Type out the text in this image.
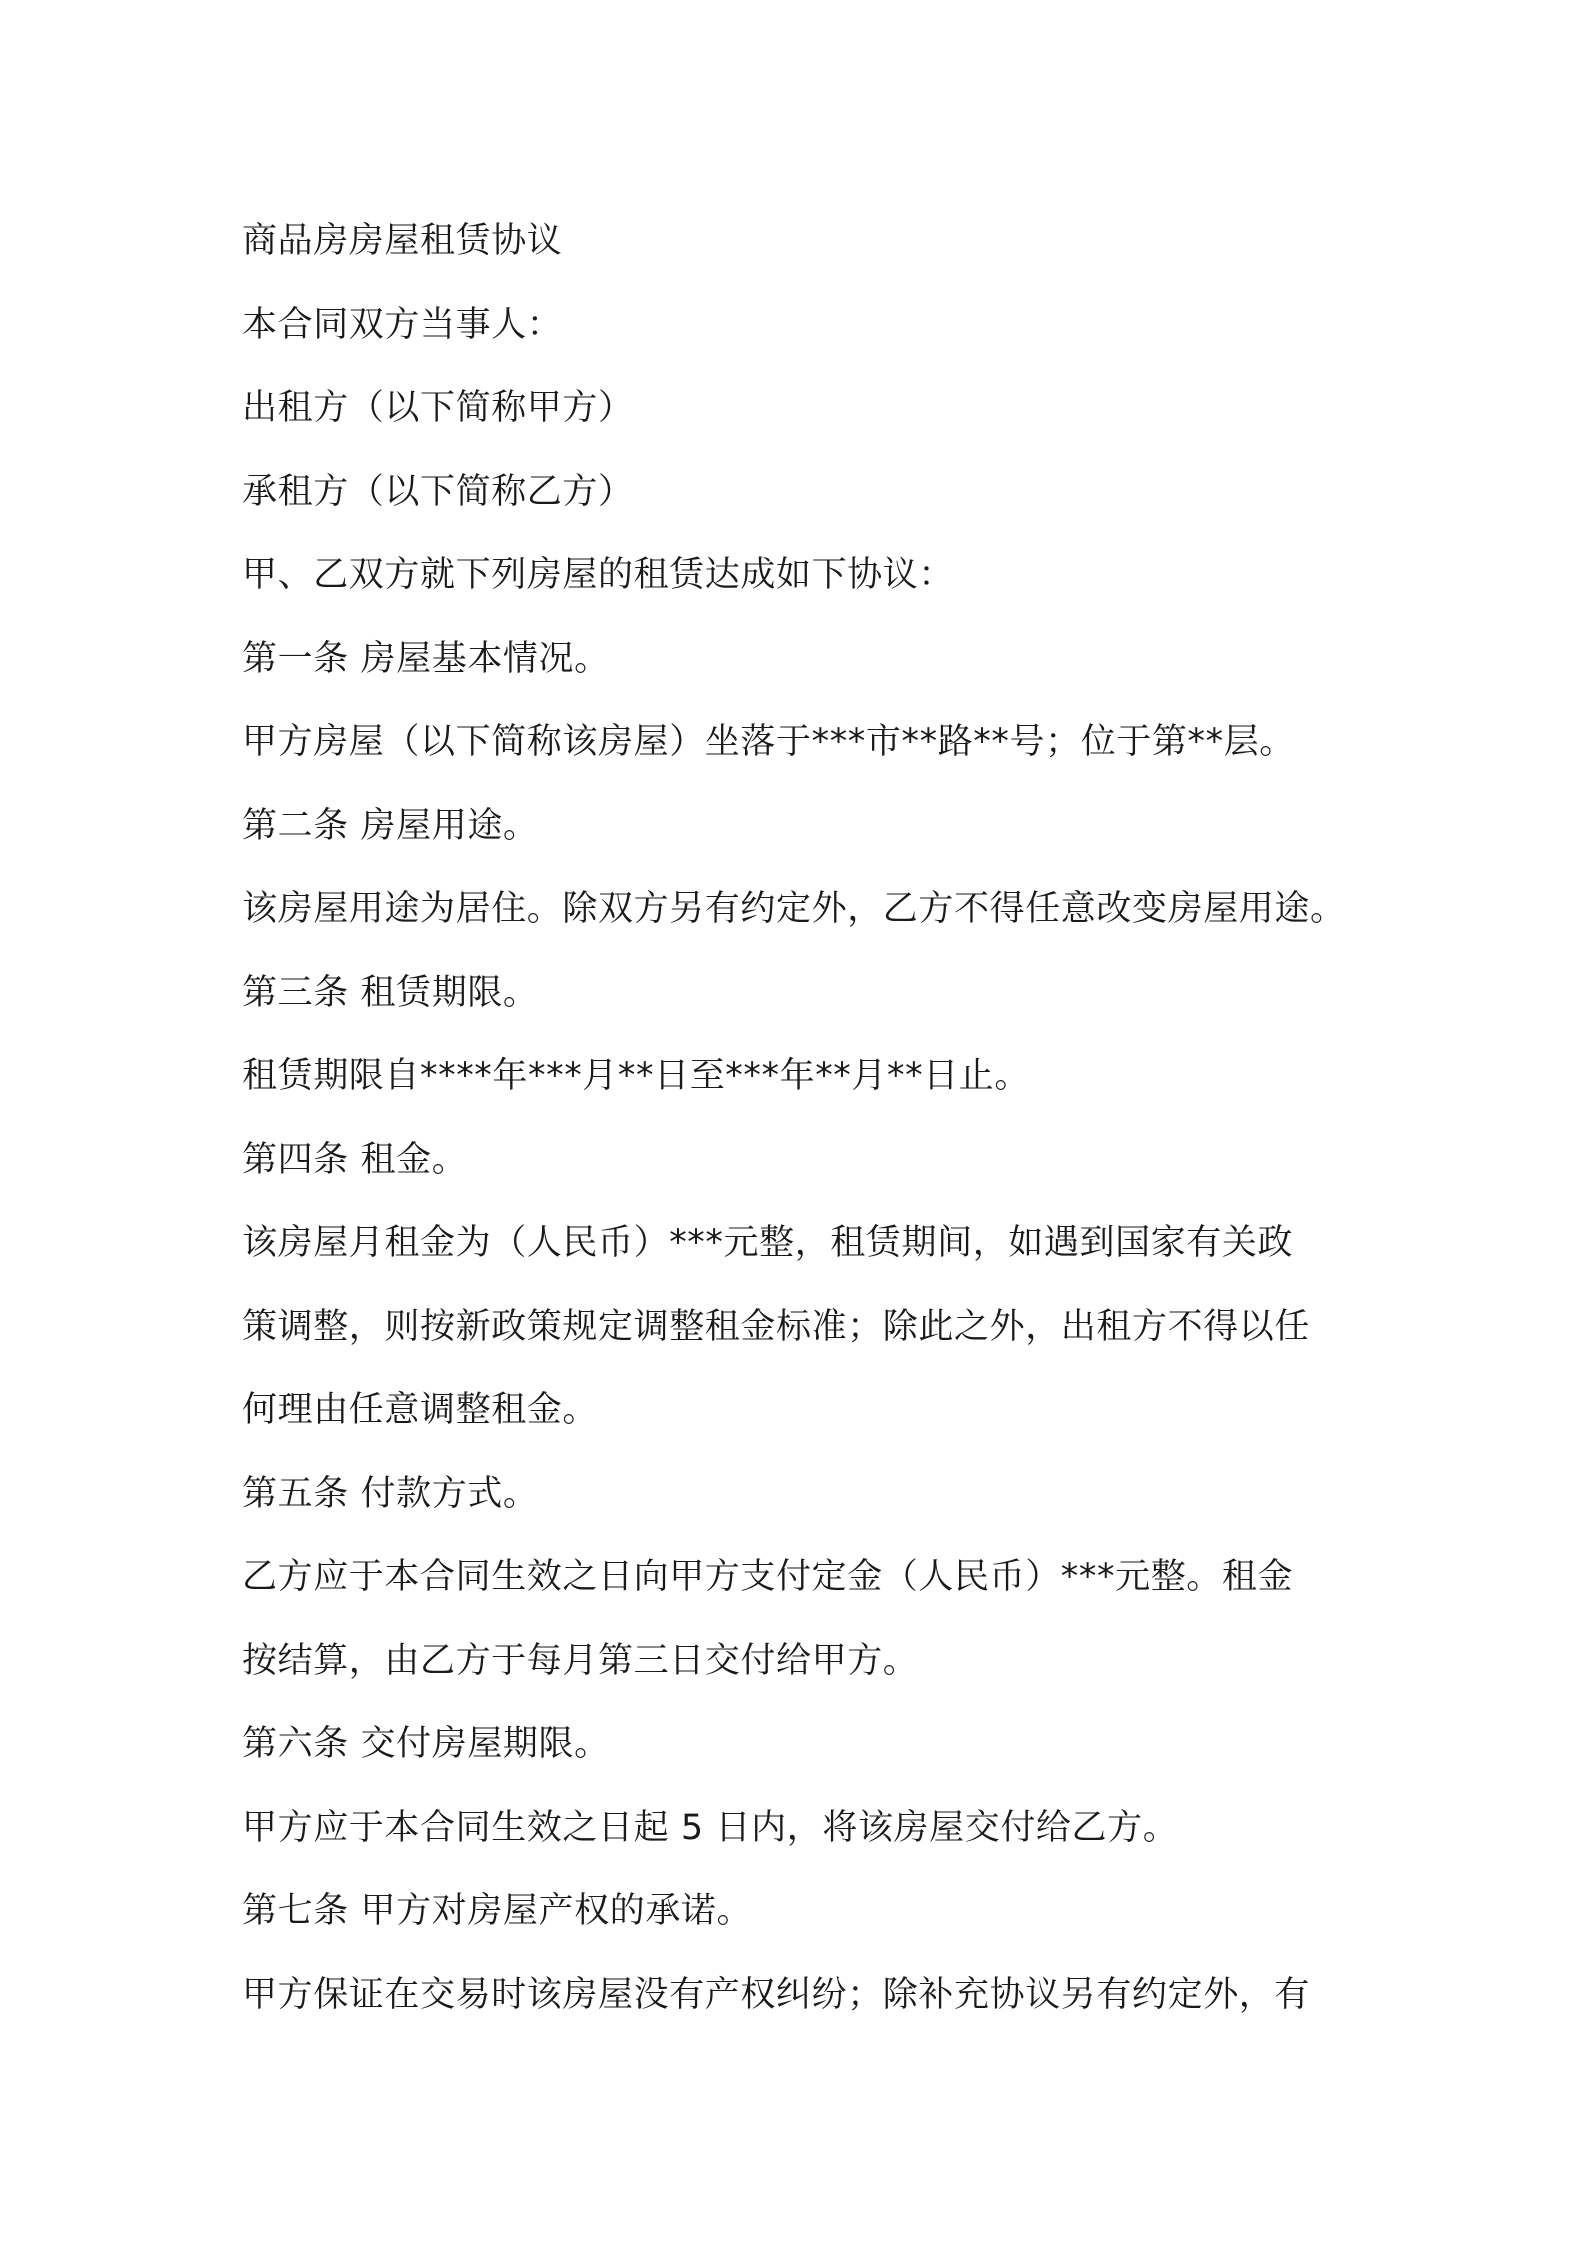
商品房房屋租赁协议
本合同双方当事人：
出租方（以下简称甲方）
承租方（以下简称乙方）
甲、乙双方就下列房屋的租赁达成如下协议：
第一条 房屋基本情况。
甲方房屋（以下简称该房屋）坐落于***市**路**号；位于第**层。
第二条 房屋用途。
该房屋用途为居住。除双方另有约定外，乙方不得任意改变房屋用途。
第三条 租赁期限。
租赁期限自****年***月**日至***年**月**日止。
第四条 租金。
该房屋月租金为（人民币）***元整，租赁期间，如遇到国家有关政
策调整，则按新政策规定调整租金标准；除此之外，出租方不得以任
何理由任意调整租金。
第五条 付款方式。
乙方应于本合同生效之日向甲方支付定金（人民币）***元整。租金
按结算，由乙方于每月第三日交付给甲方。
第六条 交付房屋期限。
甲方应于本合同生效之日起 5 日内，将该房屋交付给乙方。
第七条 甲方对房屋产权的承诺。
甲方保证在交易时该房屋没有产权纠纷；除补充协议另有约定外，有
